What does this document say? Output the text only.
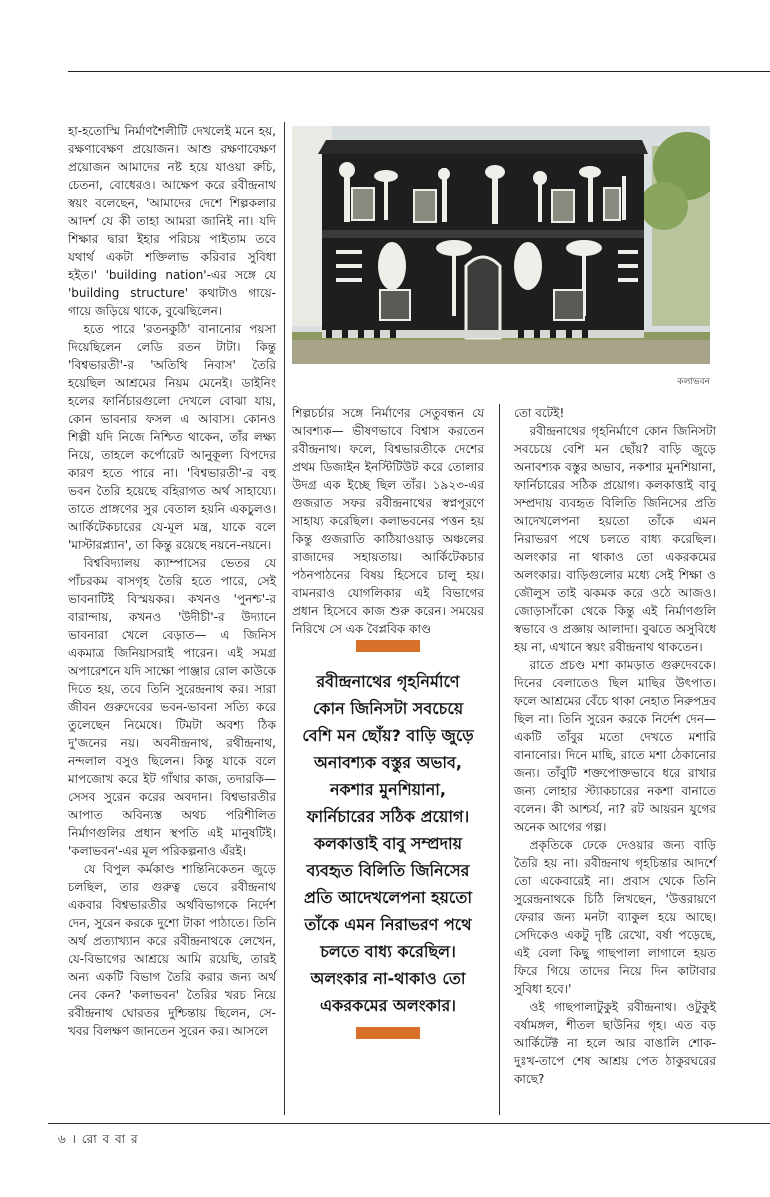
হা-হতোস্মি নির্মাণশৈলীটি দেখলেই মনে হয়, রক্ষণাবেক্ষণ প্রয়োজন। আশু রক্ষণাবেক্ষণ প্রয়োজন আমাদের নষ্ট হয়ে যাওয়া রুচি, চেতনা, বোধেরও। আক্ষেপ করে রবীন্দ্রনাথ স্বয়ং বলেছেন, 'আমাদের দেশে শিল্পকলার আদর্শ যে কী তাহা আমরা জানিই না। যদি শিক্ষার দ্বারা ইহার পরিচয় পাইতাম তবে যথার্থ একটা শক্তিলাভ করিবার সুবিধা হইত।' 'building nation'-এর সঙ্গে যে 'building structure' কথাটাও গায়ে-গায়ে জড়িয়ে থাকে, বুঝেছিলেন।

হতে পারে 'রতনকুঠি' বানানোর পয়সা দিয়েছিলেন লেডি রতন টাটা। কিন্তু 'বিশ্বভারতী'-র 'অতিথি নিবাস' তৈরি হয়েছিল আশ্রমের নিয়ম মেনেই। ডাইনিং হলের ফার্নিচারগুলো দেখলে বোঝা যায়, কোন ভাবনার ফসল এ আবাস। কোনও শিল্পী যদি নিজে নিশ্চিত থাকেন, তাঁর লক্ষ্য নিয়ে, তাহলে কর্পোরেট আনুকূল্য বিপদের কারণ হতে পারে না। 'বিশ্বভারতী'-র বহু ভবন তৈরি হয়েছে বহিরাগত অর্থ সাহায্যে। তাতে প্রাঙ্গণের সুর বেতাল হয়নি একচুলও। আর্কিটেকচারের যে-মূল মন্ত্র, যাকে বলে 'মাস্টারপ্ল্যান', তা কিন্তু রয়েছে নয়নে-নয়নে।

বিশ্ববিদ্যালয় ক্যাম্পাসের ভেতর যে পাঁচরকম বাসগৃহ তৈরি হতে পারে, সেই ভাবনাটিই বিস্ময়কর। কখনও 'পুনশ্চ'-র বারান্দায়, কখনও 'উদীচী'-র উদ্যানে ভাবনারা খেলে বেড়াত— এ জিনিস একমাত্র জিনিয়াসরাই পারেন। এই সমগ্র অপারেশনে যদি সাক্ষো পাঞ্জার রোল কাউকে দিতে হয়, তবে তিনি সুরেন্দ্রনাথ কর। সারা জীবন গুরুদেবের ভবন-ভাবনা সত্যি করে তুলেছেন নিমেষে। টিমটা অবশ্য ঠিক দু'জনের নয়। অবনীন্দ্রনাথ, রথীন্দ্রনাথ, নন্দলাল বসুও ছিলেন। কিন্তু যাকে বলে মাপজোখ করে ইট গাঁথার কাজ, তদারকি— সেসব সুরেন করের অবদান। বিশ্বভারতীর আপাত অবিন্যস্ত অথচ পরিশীলিত নির্মাণগুলির প্রধান স্থপতি এই মানুষটিই। 'কলাভবন'-এর মূল পরিকল্পনাও এঁরই।

যে বিপুল কর্মকাণ্ড শান্তিনিকেতন জুড়ে চলছিল, তার গুরুত্ব ভেবে রবীন্দ্রনাথ একবার বিশ্বভারতীর অর্থবিভাগকে নির্দেশ দেন, সুরেন করকে দুশো টাকা পাঠাতে। তিনি অর্থ প্রত্যাখ্যান করে রবীন্দ্রনাথকে লেখেন, যে-বিভাগের আশ্রয়ে আমি রয়েছি, তারই অন্য একটি বিভাগ তৈরি করার জন্য অর্থ নেব কেন? 'কলাভবন' তৈরির খরচ নিয়ে রবীন্দ্রনাথ ঘোরতর দুশ্চিন্তায় ছিলেন, সে-খবর বিলক্ষণ জানতেন সুরেন কর। আসলে

কলাভবন

শিল্পচর্চার সঙ্গে নির্মাণের সেতুবন্ধন যে আবশ্যক— ভীষণভাবে বিশ্বাস করতেন রবীন্দ্রনাথ। ফলে, বিশ্বভারতীকে দেশের প্রথম ডিজাইন ইনস্টিটিউট করে তোলার উদগ্র এক ইচ্ছে ছিল তাঁর। ১৯২৩-এর গুজরাত সফর রবীন্দ্রনাথের স্বপ্নপূরণে সাহায্য করেছিল। কলাভবনের পত্তন হয় কিন্তু গুজরাতি কাঠিয়াওয়াড় অঞ্চলের রাজাদের সহায়তায়। আর্কিটেকচার পঠনপাঠনের বিষয় হিসেবে চালু হয়। বামনরাও যোগলিকার এই বিভাগের প্রধান হিসেবে কাজ শুরু করেন। সময়ের নিরিখে সে এক বৈপ্লবিক কাণ্ড

রবীন্দ্রনাথের গৃহনির্মাণে কোন জিনিসটা সবচেয়ে বেশি মন ছোঁয়? বাড়ি জুড়ে অনাবশ্যক বস্তুর অভাব, নকশার মুনশিয়ানা, ফার্নিচারের সঠিক প্রয়োগ। কলকাত্তাই বাবু সম্প্রদায় ব্যবহৃত বিলিতি জিনিসের প্রতি আদেখলেপনা হয়তো তাঁকে এমন নিরাভরণ পথে চলতে বাধ্য করেছিল। অলংকার না-থাকাও তো একরকমের অলংকার।

তো বটেই!

রবীন্দ্রনাথের গৃহনির্মাণে কোন জিনিসটা সবচেয়ে বেশি মন ছোঁয়? বাড়ি জুড়ে অনাবশ্যক বস্তুর অভাব, নকশার মুনশিয়ানা, ফার্নিচারের সঠিক প্রয়োগ। কলকাত্তাই বাবু সম্প্রদায় ব্যবহৃত বিলিতি জিনিসের প্রতি আদেখলেপনা হয়তো তাঁকে এমন নিরাভরণ পথে চলতে বাধ্য করেছিল। অলংকার না থাকাও তো একরকমের অলংকার। বাড়িগুলোর মধ্যে সেই শিক্ষা ও জৌলুস তাই ঝকমক করে ওঠে আজও। জোড়াসাঁকো থেকে কিন্তু এই নির্মাণগুলি স্বভাবে ও প্রজ্ঞায় আলাদা। বুঝতে অসুবিধে হয় না, এখানে স্বয়ং রবীন্দ্রনাথ থাকতেন।

রাতে প্রচণ্ড মশা কামড়াত গুরুদেবকে। দিনের বেলাতেও ছিল মাছির উৎপাত। ফলে আশ্রমের বেঁচে থাকা নেহাত নিরুপদ্রব ছিল না। তিনি সুরেন করকে নির্দেশ দেন— একটি তাঁবুর মতো দেখতে মশারি বানানোর। দিনে মাছি, রাতে মশা ঠেকানোর জন্য। তাঁবুটি শক্তপোক্তভাবে ধরে রাখার জন্য লোহার স্ট্যাকচারের নকশা বানাতে বলেন। কী আশ্চর্য, না? রট আয়রন যুগের অনেক আগের গল্প।

প্রকৃতিকে ঢেকে দেওয়ার জন্য বাড়ি তৈরি হয় না। রবীন্দ্রনাথ গৃহচিন্তার আদর্শে তো একেবারেই না। প্রবাস থেকে তিনি সুরেন্দ্রনাথকে চিঠি লিখছেন, 'উত্তরায়ণে ফেরার জন্য মনটা ব্যাকুল হয়ে আছে। সেদিকেও একটু দৃষ্টি রেখো, বর্ষা পড়েছে, এই বেলা কিছু গাছপালা লাগালে হয়ত ফিরে গিয়ে তাদের নিয়ে দিন কাটাবার সুবিধা হবে।'

ওই গাছপালাটুকুই রবীন্দ্রনাথ। ওটুকুই বর্ষামঙ্গল, শীতল ছাউনির গৃহ। এত বড় আর্কিটেক্ট না হলে আর বাঙালি শোক-দুঃখ-তাপে শেষ আশ্রয় পেত ঠাকুরঘরের কাছে?

৬ । রো ব বা র
